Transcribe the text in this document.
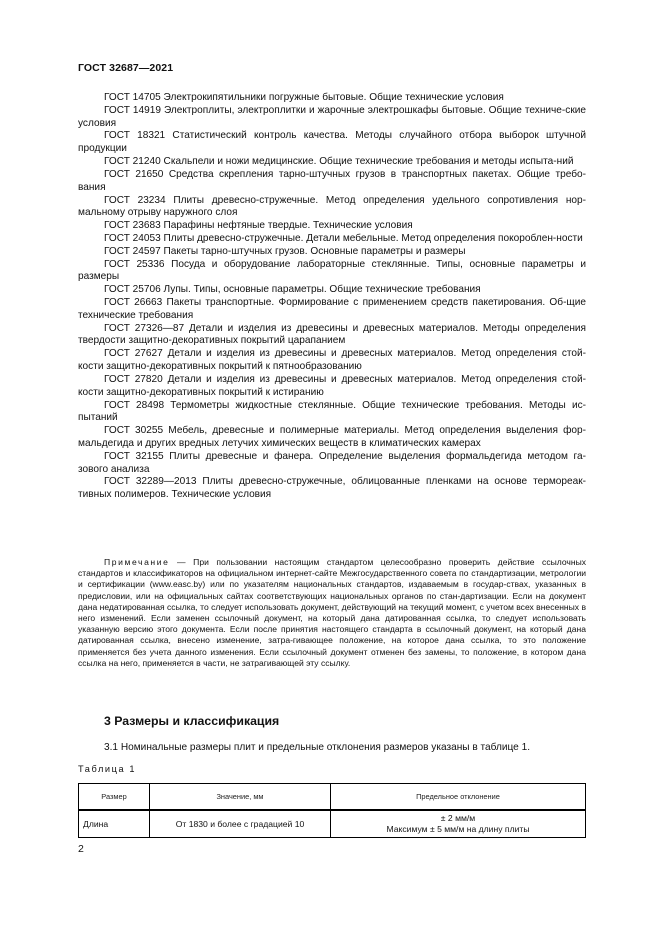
ГОСТ 32687—2021

ГОСТ 14705 Электрокипятильники погружные бытовые. Общие технические условия

ГОСТ 14919 Электроплиты, электроплитки и жарочные электрошкафы бытовые. Общие техниче-ские условия

ГОСТ 18321 Статистический контроль качества. Методы случайного отбора выборок штучной продукции

ГОСТ 21240 Скальпели и ножи медицинские. Общие технические требования и методы испыта-ний

ГОСТ 21650 Средства скрепления тарно-штучных грузов в транспортных пакетах. Общие требо-вания

ГОСТ 23234 Плиты древесно-стружечные. Метод определения удельного сопротивления нор-мальному отрыву наружного слоя

ГОСТ 23683 Парафины нефтяные твердые. Технические условия

ГОСТ 24053 Плиты древесно-стружечные. Детали мебельные. Метод определения покороблен-ности

ГОСТ 24597 Пакеты тарно-штучных грузов. Основные параметры и размеры

ГОСТ 25336 Посуда и оборудование лабораторные стеклянные. Типы, основные параметры и размеры

ГОСТ 25706 Лупы. Типы, основные параметры. Общие технические требования

ГОСТ 26663 Пакеты транспортные. Формирование с применением средств пакетирования. Об-щие технические требования

ГОСТ 27326—87 Детали и изделия из древесины и древесных материалов. Методы определения твердости защитно-декоративных покрытий царапанием

ГОСТ 27627 Детали и изделия из древесины и древесных материалов. Метод определения стой-кости защитно-декоративных покрытий к пятнообразованию

ГОСТ 27820 Детали и изделия из древесины и древесных материалов. Метод определения стой-кости защитно-декоративных покрытий к истиранию

ГОСТ 28498 Термометры жидкостные стеклянные. Общие технические требования. Методы ис-пытаний

ГОСТ 30255 Мебель, древесные и полимерные материалы. Метод определения выделения фор-мальдегида и других вредных летучих химических веществ в климатических камерах

ГОСТ 32155 Плиты древесные и фанера. Определение выделения формальдегида методом га-зового анализа

ГОСТ 32289—2013 Плиты древесно-стружечные, облицованные пленками на основе термореак-тивных полимеров. Технические условия

Примечание — При пользовании настоящим стандартом целесообразно проверить действие ссылочных стандартов и классификаторов на официальном интернет-сайте Межгосударственного совета по стандартизации, метрологии и сертификации (www.easc.by) или по указателям национальных стандартов, издаваемым в государ-ствах, указанных в предисловии, или на официальных сайтах соответствующих национальных органов по стан-дартизации. Если на документ дана недатированная ссылка, то следует использовать документ, действующий на текущий момент, с учетом всех внесенных в него изменений. Если заменен ссылочный документ, на который дана датированная ссылка, то следует использовать указанную версию этого документа. Если после принятия настоящего стандарта в ссылочный документ, на который дана датированная ссылка, внесено изменение, затра-гивающее положение, на которое дана ссылка, то это положение применяется без учета данного изменения. Если ссылочный документ отменен без замены, то положение, в котором дана ссылка на него, применяется в части, не затрагивающей эту ссылку.

3 Размеры и классификация

3.1 Номинальные размеры плит и предельные отклонения размеров указаны в таблице 1.

Таблица 1

Размер	Значение, мм	Предельное отклонение
Длина	От 1830 и более с градацией 10	± 2 мм/м
Максимум ± 5 мм/м на длину плиты
2
